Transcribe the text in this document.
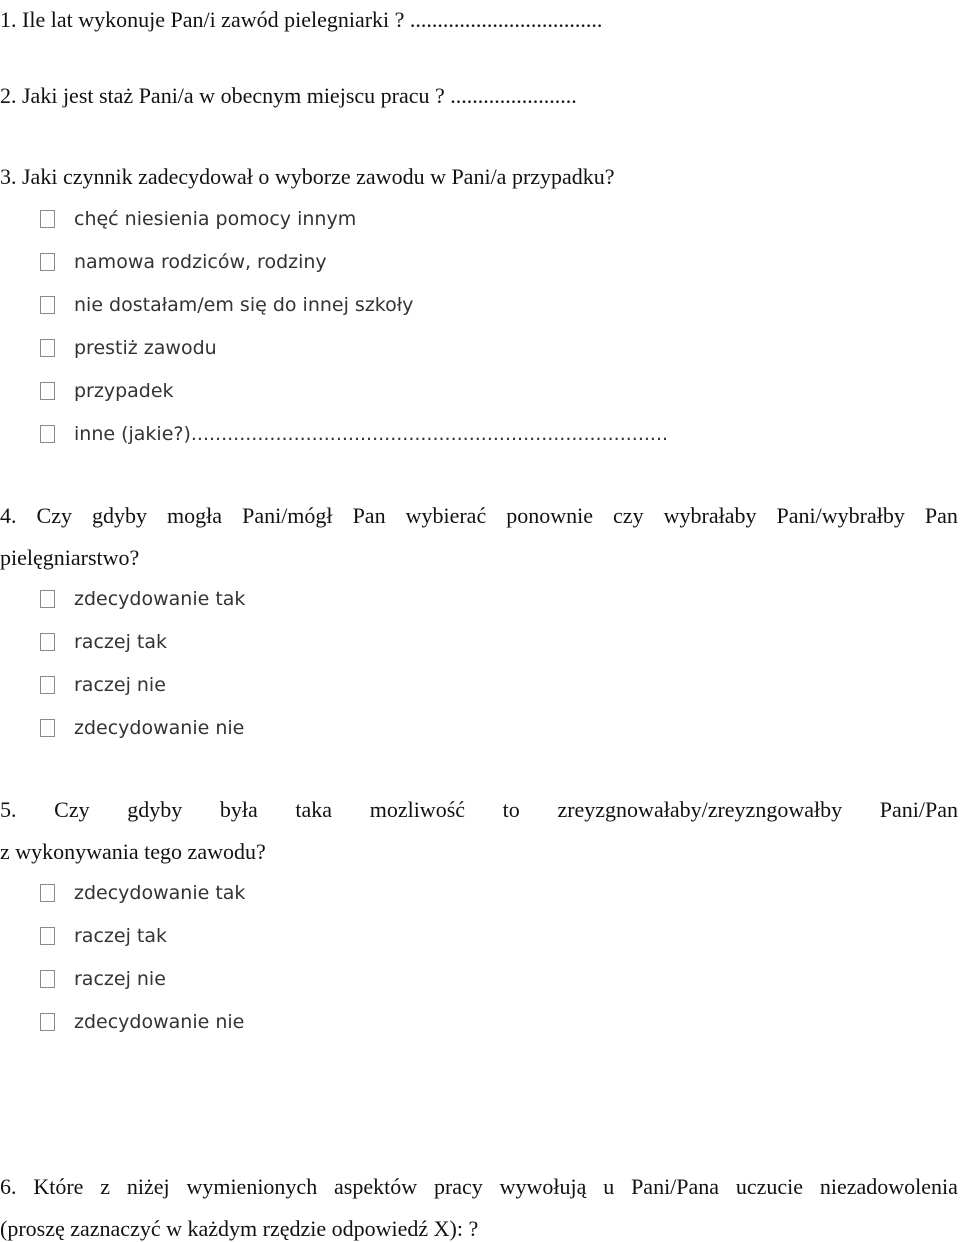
1. Ile lat wykonuje Pan/i zawód pielegniarki ? ...................................
2. Jaki jest staż Pani/a w obecnym miejscu pracu ? .......................
3. Jaki czynnik zadecydował o wyborze zawodu w Pani/a przypadku?
chęć niesienia pomocy innym
namowa rodziców, rodziny
nie dostałam/em się do innej szkoły
prestiż zawodu
przypadek
inne (jakie?)...............................................................................
4. Czy gdyby mogła Pani/mógł Pan wybierać ponownie czy wybrałaby Pani/wybrałby Pan
pielęgniarstwo?
zdecydowanie tak
raczej tak
raczej nie
zdecydowanie nie
5. Czy gdyby była taka mozliwość to zreyzgnowałaby/zreyzngowałby Pani/Pan
z wykonywania tego zawodu?
zdecydowanie tak
raczej tak
raczej nie
zdecydowanie nie
6. Które z niżej wymienionych aspektów pracy wywołują u Pani/Pana uczucie niezadowolenia
(proszę zaznaczyć w każdym rzędzie odpowiedź X): ?
